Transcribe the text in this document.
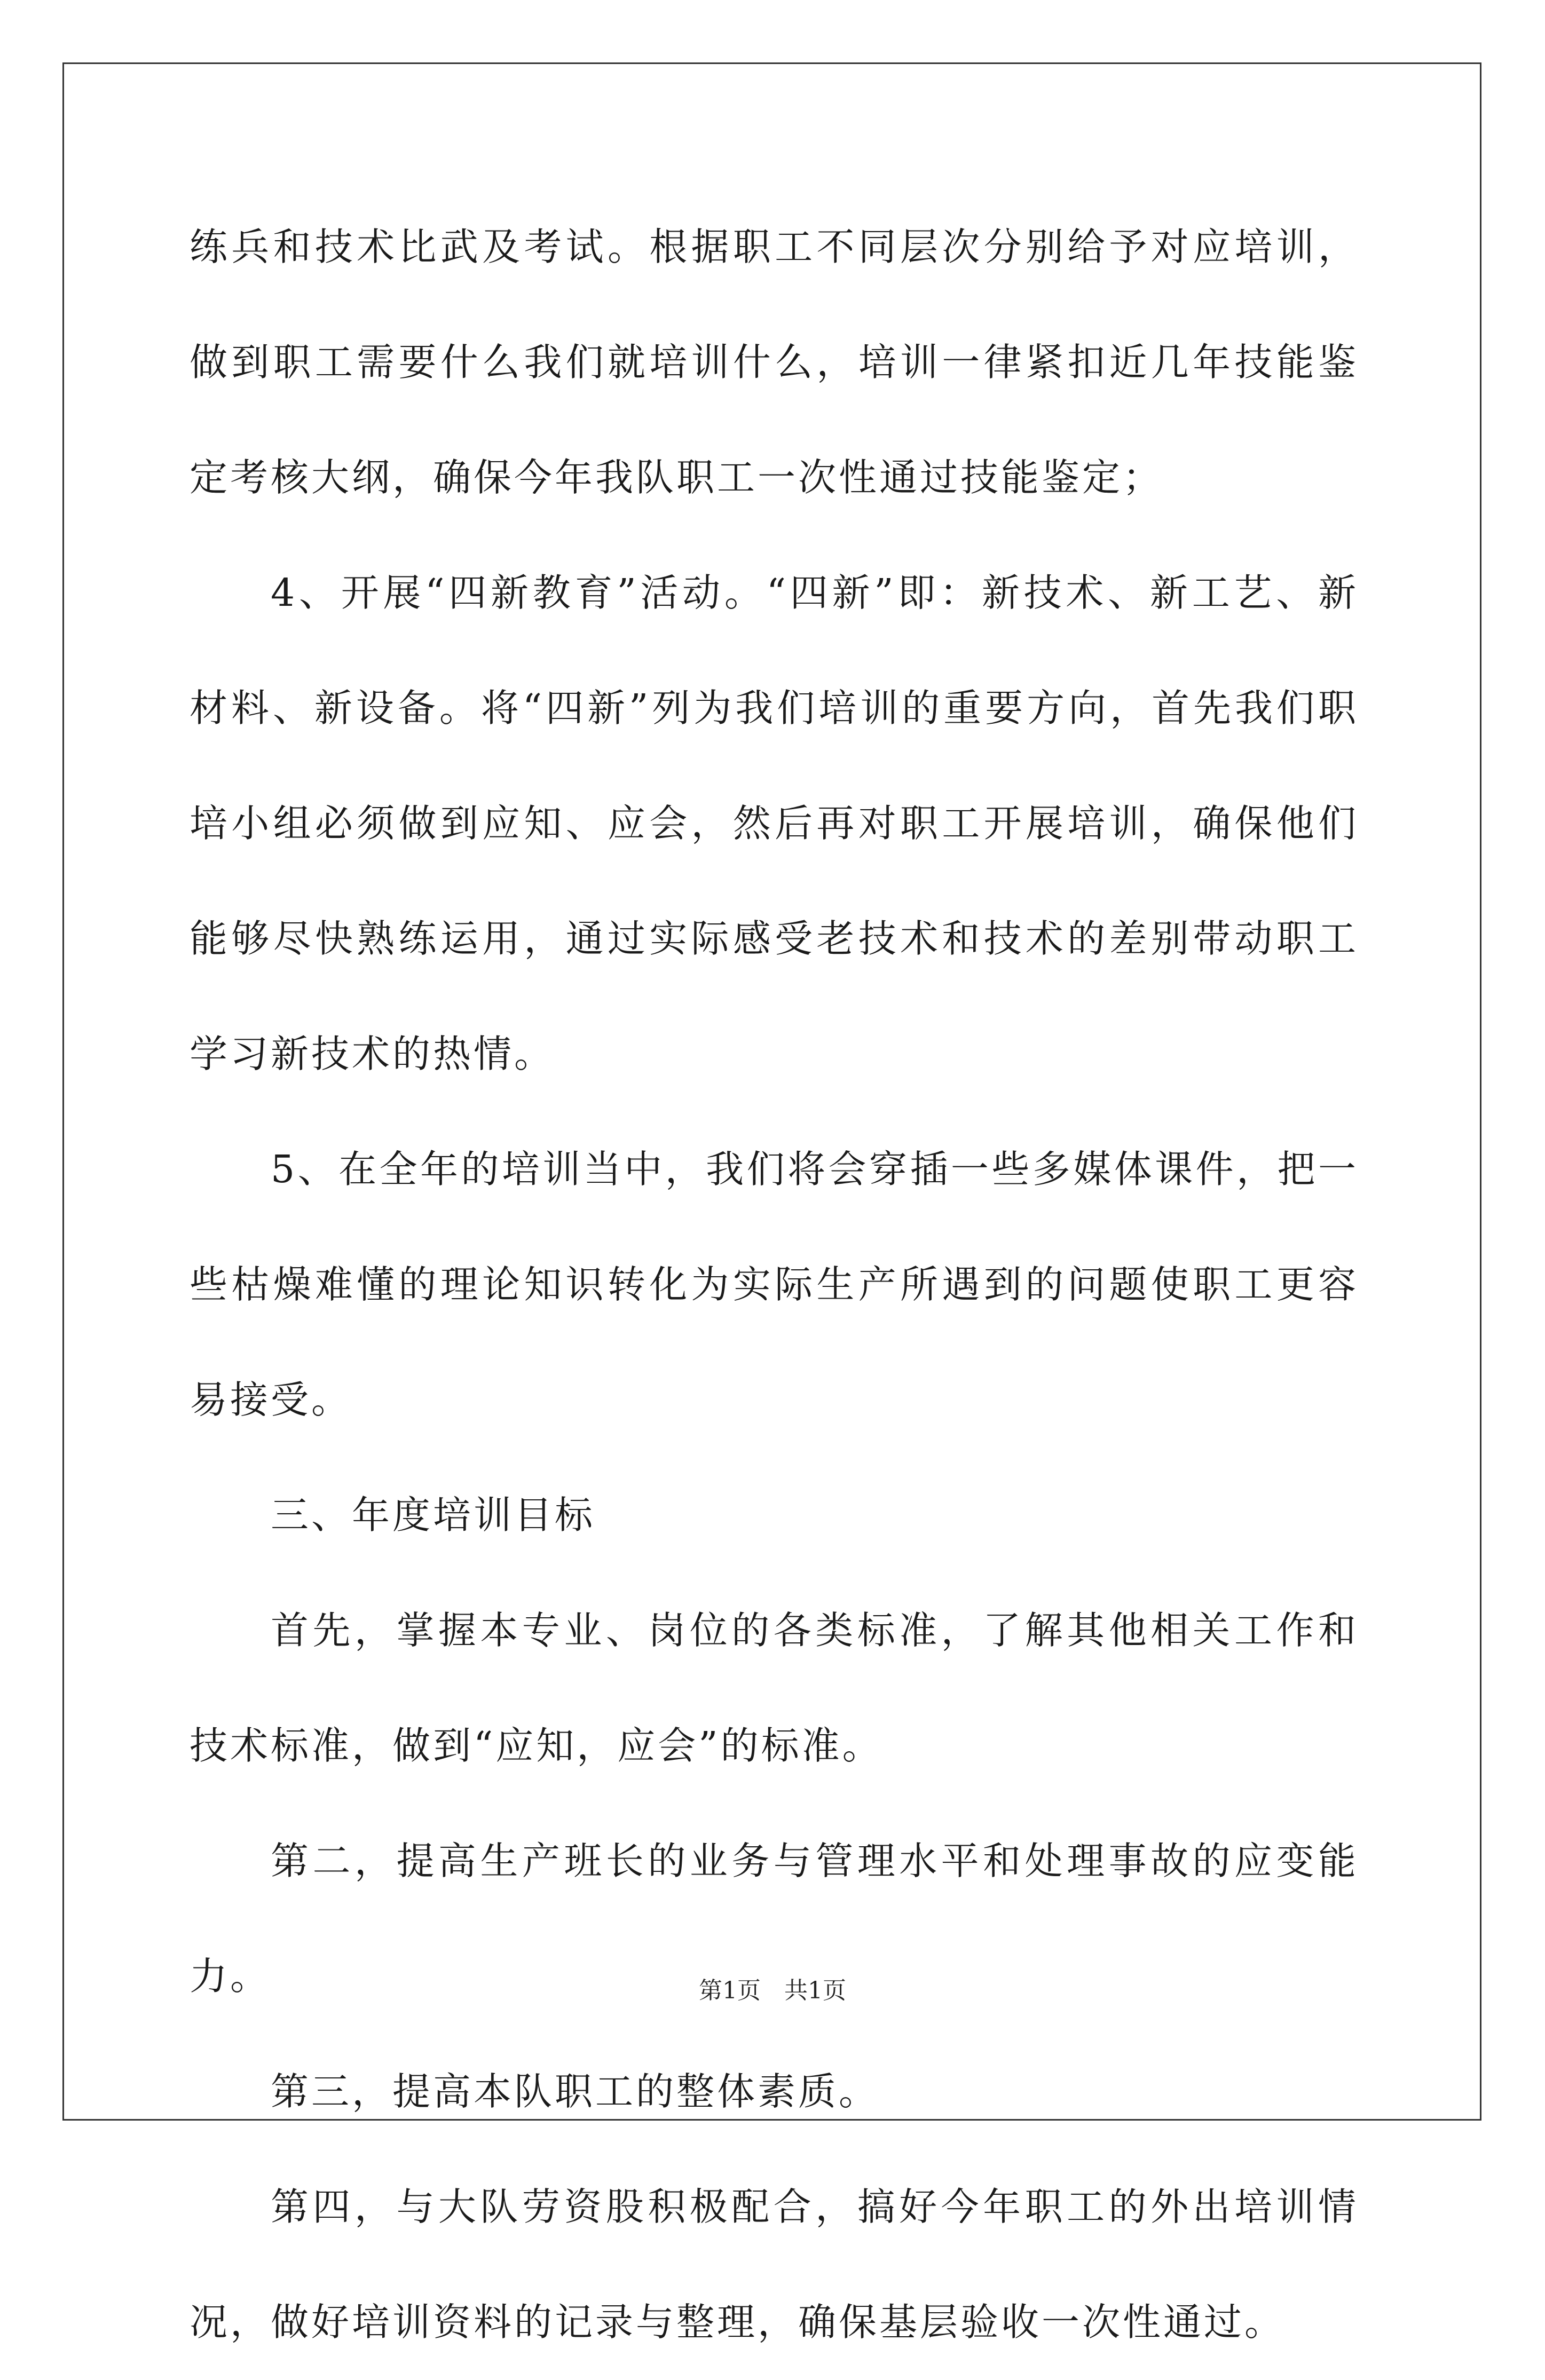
练兵和技术比武及考试。根据职工不同层次分别给予对应培训，做到职工需要什么我们就培训什么，培训一律紧扣近几年技能鉴定考核大纲，确保今年我队职工一次性通过技能鉴定；

4、开展“四新教育”活动。“四新”即：新技术、新工艺、新材料、新设备。将“四新”列为我们培训的重要方向，首先我们职培小组必须做到应知、应会，然后再对职工开展培训，确保他们能够尽快熟练运用，通过实际感受老技术和技术的差别带动职工学习新技术的热情。

5、在全年的培训当中，我们将会穿插一些多媒体课件，把一些枯燥难懂的理论知识转化为实际生产所遇到的问题使职工更容易接受。

三、年度培训目标

首先，掌握本专业、岗位的各类标准，了解其他相关工作和技术标准，做到“应知，应会”的标准。

第二，提高生产班长的业务与管理水平和处理事故的应变能力。

第三，提高本队职工的整体素质。

第四，与大队劳资股积极配合，搞好今年职工的外出培训情况，做好培训资料的记录与整理，确保基层验收一次性通过。

第1页 共1页
